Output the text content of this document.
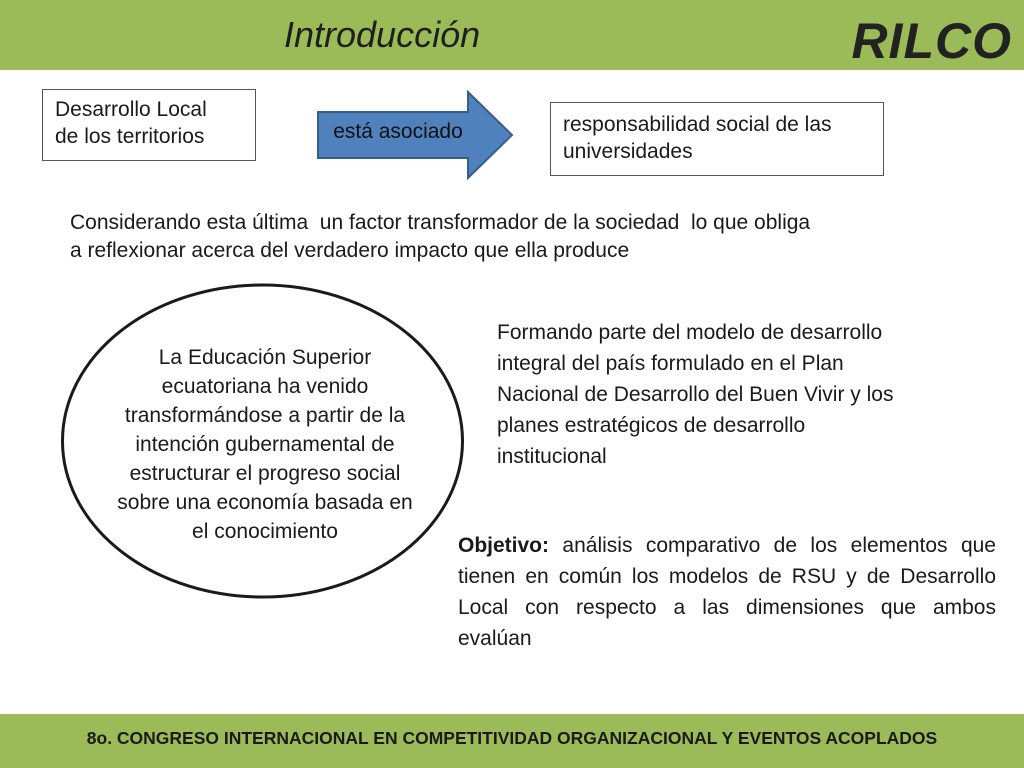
Introducción	RILCO
Desarrollo Local
de los territorios	está asociado	responsabilidad social de las
universidades
Considerando esta última  un factor transformador de la sociedad  lo que obliga
a reflexionar acerca del verdadero impacto que ella produce
La Educación Superior
ecuatoriana ha venido
transformándose a partir de la
intención gubernamental de
estructurar el progreso social
sobre una economía basada en
el conocimiento
Formando parte del modelo de desarrollo
integral del país formulado en el Plan
Nacional de Desarrollo del Buen Vivir y los
planes estratégicos de desarrollo
institucional
Objetivo: análisis comparativo de los elementos que tienen en común los modelos de RSU y de Desarrollo Local con respecto a las dimensiones que ambos evalúan
8o. CONGRESO INTERNACIONAL EN COMPETITIVIDAD ORGANIZACIONAL Y EVENTOS ACOPLADOS
